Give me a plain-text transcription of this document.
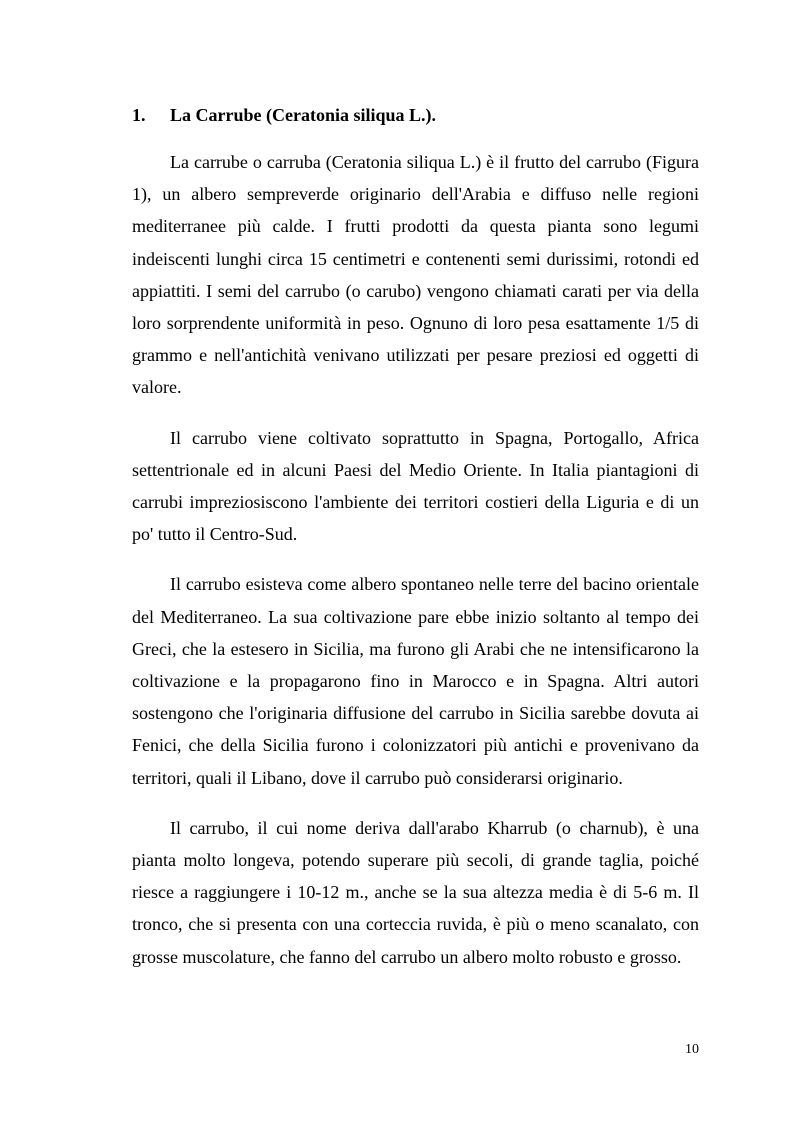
1.	La Carrube (Ceratonia siliqua L.).

La carrube o carruba (Ceratonia siliqua L.) è il frutto del carrubo (Figura 1), un albero sempreverde originario dell'Arabia e diffuso nelle regioni mediterranee più calde. I frutti prodotti da questa pianta sono legumi indeiscenti lunghi circa 15 centimetri e contenenti semi durissimi, rotondi ed appiattiti. I semi del carrubo (o carubo) vengono chiamati carati per via della loro sorprendente uniformità in peso. Ognuno di loro pesa esattamente 1/5 di grammo e nell'antichità venivano utilizzati per pesare preziosi ed oggetti di valore.

Il carrubo viene coltivato soprattutto in Spagna, Portogallo, Africa settentrionale ed in alcuni Paesi del Medio Oriente. In Italia piantagioni di carrubi impreziosiscono l'ambiente dei territori costieri della Liguria e di un po' tutto il Centro-Sud.

Il carrubo esisteva come albero spontaneo nelle terre del bacino orientale del Mediterraneo. La sua coltivazione pare ebbe inizio soltanto al tempo dei Greci, che la estesero in Sicilia, ma furono gli Arabi che ne intensificarono la coltivazione e la propagarono fino in Marocco e in Spagna. Altri autori sostengono che l'originaria diffusione del carrubo in Sicilia sarebbe dovuta ai Fenici, che della Sicilia furono i colonizzatori più antichi e provenivano da territori, quali il Libano, dove il carrubo può considerarsi originario.

Il carrubo, il cui nome deriva dall'arabo Kharrub (o charnub), è una pianta molto longeva, potendo superare più secoli, di grande taglia, poiché riesce a raggiungere i 10-12 m., anche se la sua altezza media è di 5-6 m. Il tronco, che si presenta con una corteccia ruvida, è più o meno scanalato, con grosse muscolature, che fanno del carrubo un albero molto robusto e grosso.

10
